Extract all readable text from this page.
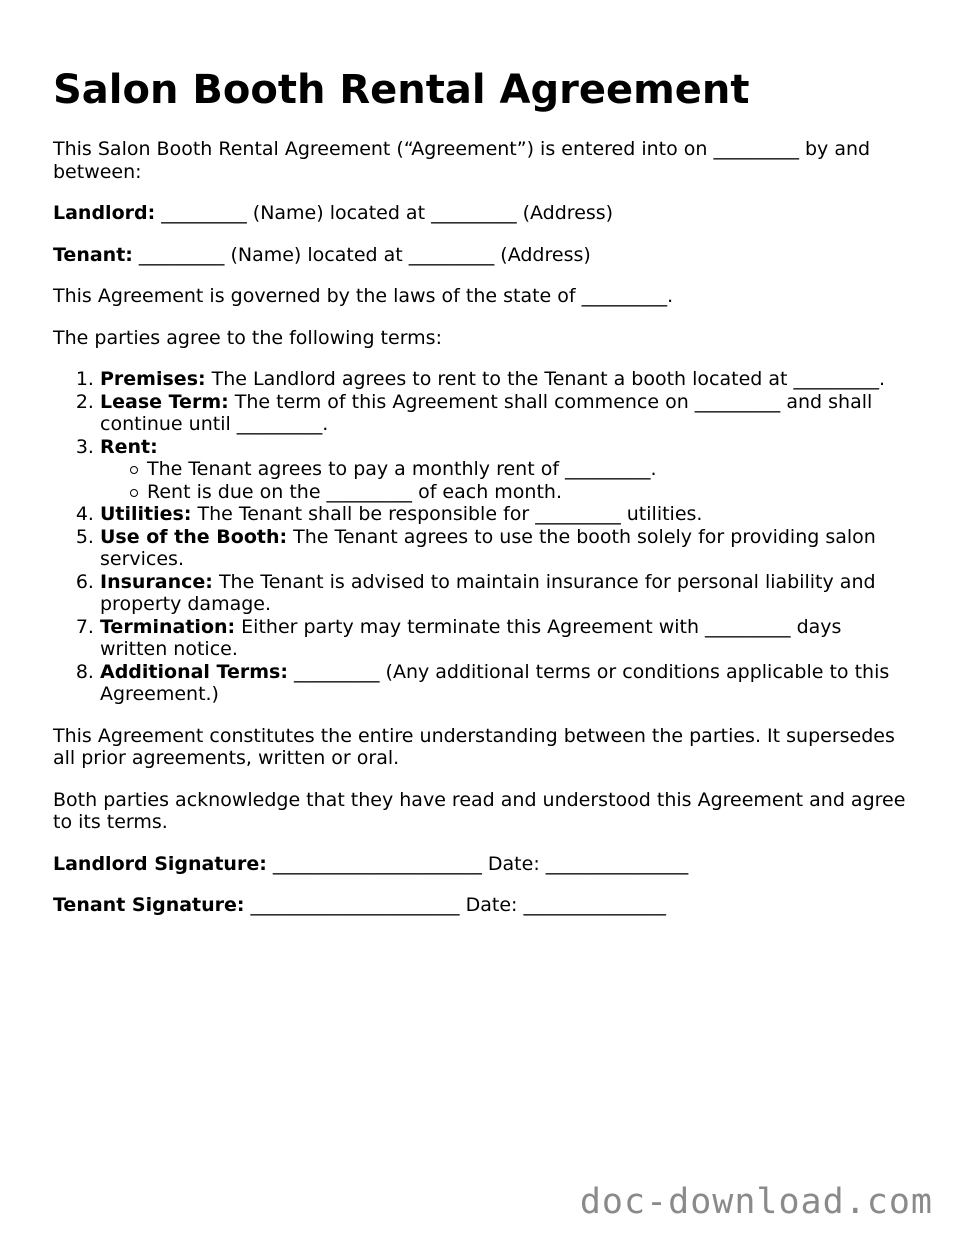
Salon Booth Rental Agreement

This Salon Booth Rental Agreement (“Agreement”) is entered into on _________ by and between:

Landlord: _________ (Name) located at _________ (Address)

Tenant: _________ (Name) located at _________ (Address)

This Agreement is governed by the laws of the state of _________.

The parties agree to the following terms:

1. Premises: The Landlord agrees to rent to the Tenant a booth located at _________.
2. Lease Term: The term of this Agreement shall commence on _________ and shall continue until _________.
3. Rent:
The Tenant agrees to pay a monthly rent of _________.
Rent is due on the _________ of each month.
4. Utilities: The Tenant shall be responsible for _________ utilities.
5. Use of the Booth: The Tenant agrees to use the booth solely for providing salon services.
6. Insurance: The Tenant is advised to maintain insurance for personal liability and property damage.
7. Termination: Either party may terminate this Agreement with _________ days written notice.
8. Additional Terms: _________ (Any additional terms or conditions applicable to this Agreement.)

This Agreement constitutes the entire understanding between the parties. It supersedes all prior agreements, written or oral.

Both parties acknowledge that they have read and understood this Agreement and agree to its terms.

Landlord Signature: ______________________ Date: _______________

Tenant Signature: ______________________ Date: _______________

doc-download.com
